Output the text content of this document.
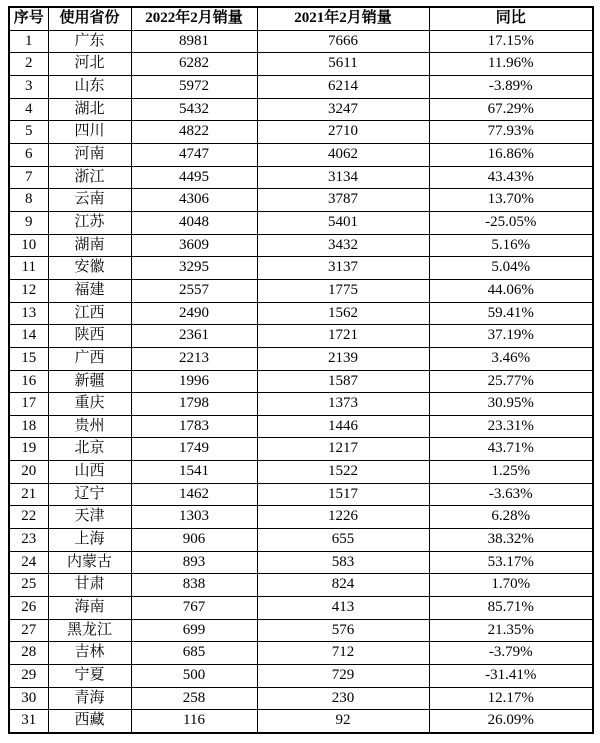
序号	使用省份	2022年2月销量	2021年2月销量	同比
1	广东	8981	7666	17.15%
2	河北	6282	5611	11.96%
3	山东	5972	6214	-3.89%
4	湖北	5432	3247	67.29%
5	四川	4822	2710	77.93%
6	河南	4747	4062	16.86%
7	浙江	4495	3134	43.43%
8	云南	4306	3787	13.70%
9	江苏	4048	5401	-25.05%
10	湖南	3609	3432	5.16%
11	安徽	3295	3137	5.04%
12	福建	2557	1775	44.06%
13	江西	2490	1562	59.41%
14	陕西	2361	1721	37.19%
15	广西	2213	2139	3.46%
16	新疆	1996	1587	25.77%
17	重庆	1798	1373	30.95%
18	贵州	1783	1446	23.31%
19	北京	1749	1217	43.71%
20	山西	1541	1522	1.25%
21	辽宁	1462	1517	-3.63%
22	天津	1303	1226	6.28%
23	上海	906	655	38.32%
24	内蒙古	893	583	53.17%
25	甘肃	838	824	1.70%
26	海南	767	413	85.71%
27	黑龙江	699	576	21.35%
28	吉林	685	712	-3.79%
29	宁夏	500	729	-31.41%
30	青海	258	230	12.17%
31	西藏	116	92	26.09%
